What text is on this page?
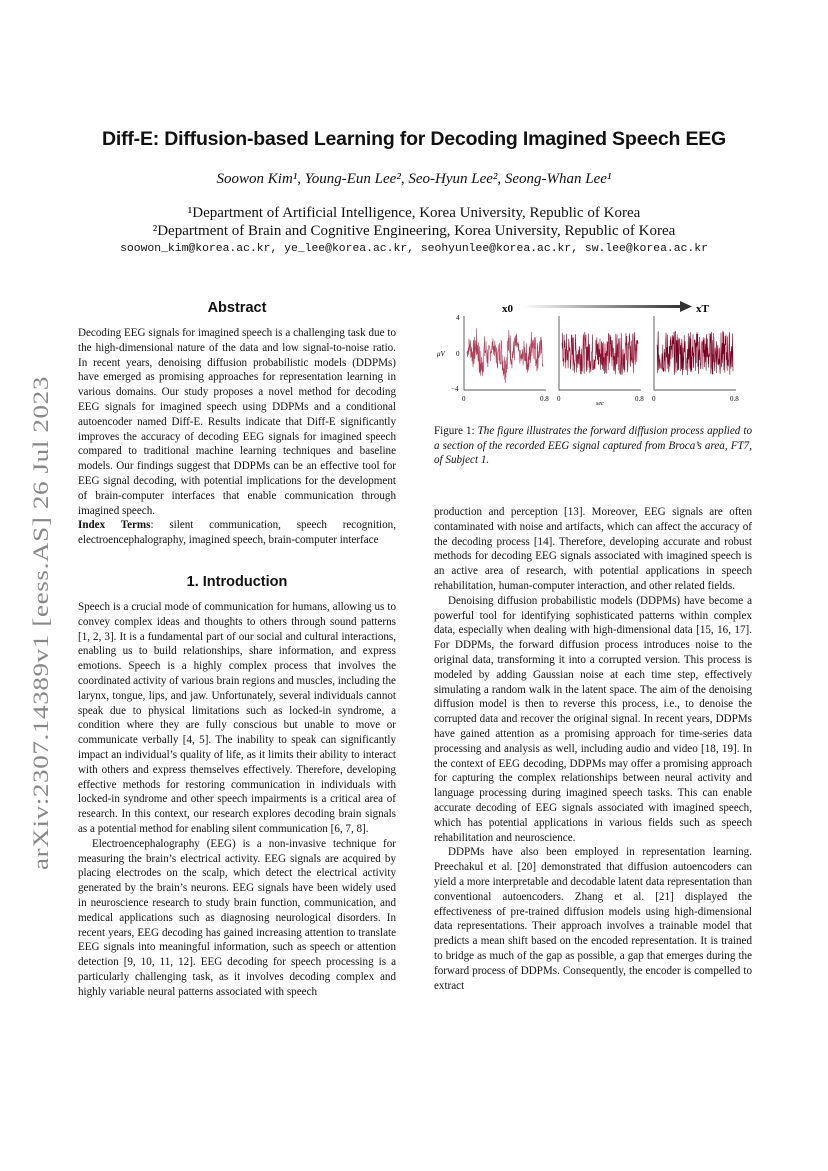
arXiv:2307.14389v1 [eess.AS] 26 Jul 2023
Diff-E: Diffusion-based Learning for Decoding Imagined Speech EEG
Soowon Kim¹, Young-Eun Lee², Seo-Hyun Lee², Seong-Whan Lee¹
¹Department of Artificial Intelligence, Korea University, Republic of Korea
²Department of Brain and Cognitive Engineering, Korea University, Republic of Korea
soowon_kim@korea.ac.kr, ye_lee@korea.ac.kr, seohyunlee@korea.ac.kr, sw.lee@korea.ac.kr
Abstract

Decoding EEG signals for imagined speech is a challenging task due to the high-dimensional nature of the data and low signal-to-noise ratio. In recent years, denoising diffusion probabilistic models (DDPMs) have emerged as promising approaches for representation learning in various domains. Our study proposes a novel method for decoding EEG signals for imagined speech using DDPMs and a conditional autoencoder named Diff-E. Results indicate that Diff-E significantly improves the accuracy of decoding EEG signals for imagined speech compared to traditional machine learning techniques and baseline models. Our findings suggest that DDPMs can be an effective tool for EEG signal decoding, with potential implications for the development of brain-computer interfaces that enable communication through imagined speech.

Index Terms: silent communication, speech recognition, electroencephalography, imagined speech, brain-computer interface

1. Introduction

Speech is a crucial mode of communication for humans, allowing us to convey complex ideas and thoughts to others through sound patterns [1, 2, 3]. It is a fundamental part of our social and cultural interactions, enabling us to build relationships, share information, and express emotions. Speech is a highly complex process that involves the coordinated activity of various brain regions and muscles, including the larynx, tongue, lips, and jaw. Unfortunately, several individuals cannot speak due to physical limitations such as locked-in syndrome, a condition where they are fully conscious but unable to move or communicate verbally [4, 5]. The inability to speak can significantly impact an individual’s quality of life, as it limits their ability to interact with others and express themselves effectively. Therefore, developing effective methods for restoring communication in individuals with locked-in syndrome and other speech impairments is a critical area of research. In this context, our research explores decoding brain signals as a potential method for enabling silent communication [6, 7, 8].

Electroencephalography (EEG) is a non-invasive technique for measuring the brain’s electrical activity. EEG signals are acquired by placing electrodes on the scalp, which detect the electrical activity generated by the brain’s neurons. EEG signals have been widely used in neuroscience research to study brain function, communication, and medical applications such as diagnosing neurological disorders. In recent years, EEG decoding has gained increasing attention to translate EEG signals into meaningful information, such as speech or attention detection [9, 10, 11, 12]. EEG decoding for speech processing is a particularly challenging task, as it involves decoding complex and highly variable neural patterns associated with speech

x0	xT
4
μV 0
−4
0	0.8 0	0.8 0	0.8
sec
Figure 1: The figure illustrates the forward diffusion process applied to a section of the recorded EEG signal captured from Broca’s area, FT7, of Subject 1.

production and perception [13]. Moreover, EEG signals are often contaminated with noise and artifacts, which can affect the accuracy of the decoding process [14]. Therefore, developing accurate and robust methods for decoding EEG signals associated with imagined speech is an active area of research, with potential applications in speech rehabilitation, human-computer interaction, and other related fields.

Denoising diffusion probabilistic models (DDPMs) have become a powerful tool for identifying sophisticated patterns within complex data, especially when dealing with high-dimensional data [15, 16, 17]. For DDPMs, the forward diffusion process introduces noise to the original data, transforming it into a corrupted version. This process is modeled by adding Gaussian noise at each time step, effectively simulating a random walk in the latent space. The aim of the denoising diffusion model is then to reverse this process, i.e., to denoise the corrupted data and recover the original signal. In recent years, DDPMs have gained attention as a promising approach for time-series data processing and analysis as well, including audio and video [18, 19]. In the context of EEG decoding, DDPMs may offer a promising approach for capturing the complex relationships between neural activity and language processing during imagined speech tasks. This can enable accurate decoding of EEG signals associated with imagined speech, which has potential applications in various fields such as speech rehabilitation and neuroscience.

DDPMs have also been employed in representation learning. Preechakul et al. [20] demonstrated that diffusion autoencoders can yield a more interpretable and decodable latent data representation than conventional autoencoders. Zhang et al. [21] displayed the effectiveness of pre-trained diffusion models using high-dimensional data representations. Their approach involves a trainable model that predicts a mean shift based on the encoded representation. It is trained to bridge as much of the gap as possible, a gap that emerges during the forward process of DDPMs. Consequently, the encoder is compelled to extract
